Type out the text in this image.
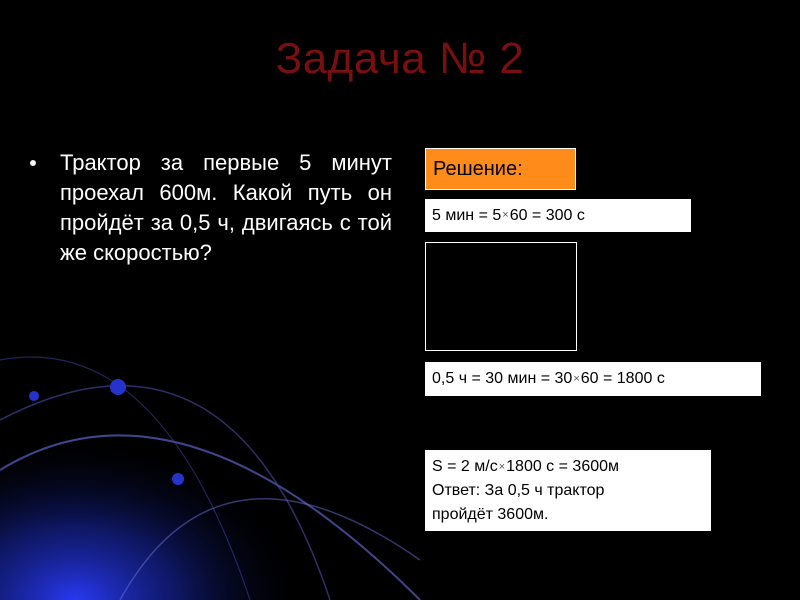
Задача № 2
Трактор за первые 5 минут проехал 600м. Какой путь он пройдёт за 0,5 ч, двигаясь с той же скоростью?
Решение:
5 мин = 5×60 = 300 с
0,5 ч = 30 мин = 30×60 = 1800 с
S = 2 м/с×1800 с = 3600м
Ответ: За 0,5 ч трактор
пройдёт 3600м.
